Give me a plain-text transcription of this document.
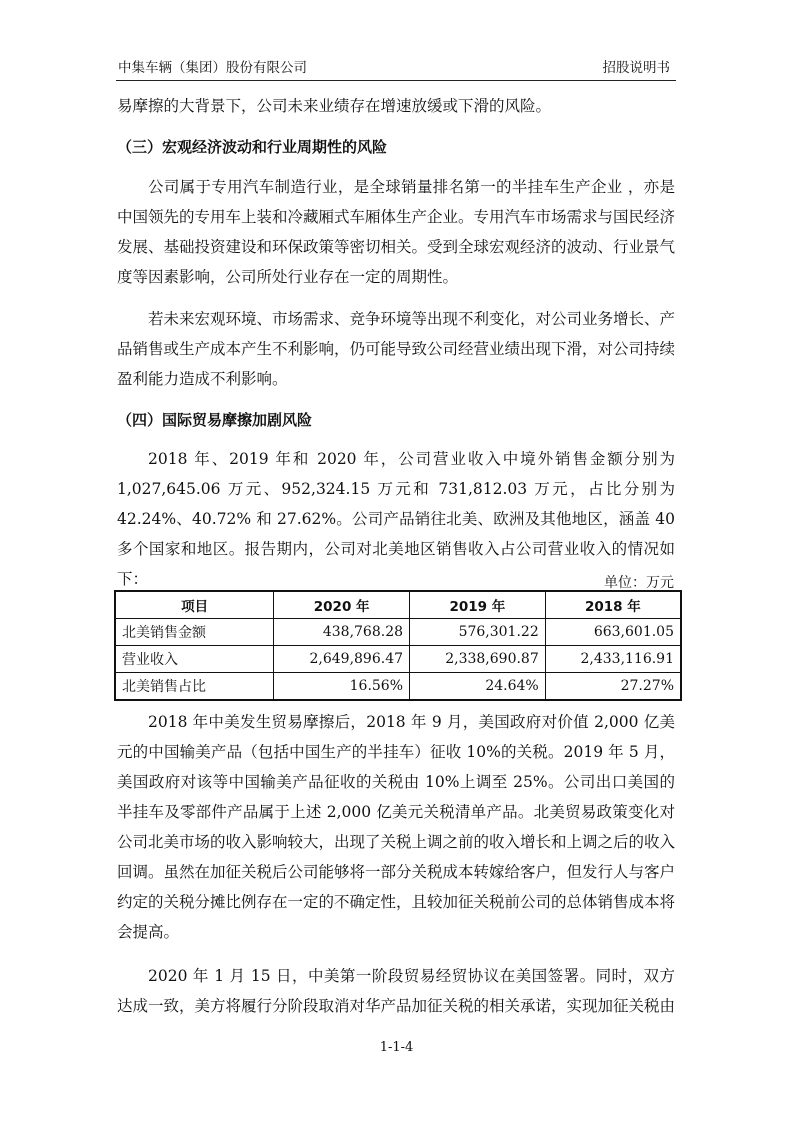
中集车辆（集团）股份有限公司	招股说明书

易摩擦的大背景下，公司未来业绩存在增速放缓或下滑的风险。

（三）宏观经济波动和行业周期性的风险

公司属于专用汽车制造行业，是全球销量排名第一的半挂车生产企业 ，亦是中国领先的专用车上装和冷藏厢式车厢体生产企业。专用汽车市场需求与国民经济发展、基础投资建设和环保政策等密切相关。受到全球宏观经济的波动、行业景气度等因素影响，公司所处行业存在一定的周期性。

若未来宏观环境、市场需求、竞争环境等出现不利变化，对公司业务增长、产品销售或生产成本产生不利影响，仍可能导致公司经营业绩出现下滑，对公司持续盈利能力造成不利影响。

（四）国际贸易摩擦加剧风险

2018 年、2019 年和 2020 年，公司营业收入中境外销售金额分别为 1,027,645.06 万元、952,324.15 万元和 731,812.03 万元，占比分别为 42.24%、40.72% 和 27.62%。公司产品销往北美、欧洲及其他地区，涵盖 40 多个国家和地区。报告期内，公司对北美地区销售收入占公司营业收入的情况如下：	单位：万元
项目	2020 年	2019 年	2018 年
北美销售金额	438,768.28	576,301.22	663,601.05
营业收入	2,649,896.47	2,338,690.87	2,433,116.91
北美销售占比	16.56%	24.64%	27.27%

2018 年中美发生贸易摩擦后，2018 年 9 月，美国政府对价值 2,000 亿美元的中国输美产品（包括中国生产的半挂车）征收 10%的关税。2019 年 5 月，美国政府对该等中国输美产品征收的关税由 10%上调至 25%。公司出口美国的半挂车及零部件产品属于上述 2,000 亿美元关税清单产品。北美贸易政策变化对公司北美市场的收入影响较大，出现了关税上调之前的收入增长和上调之后的收入回调。虽然在加征关税后公司能够将一部分关税成本转嫁给客户，但发行人与客户约定的关税分摊比例存在一定的不确定性，且较加征关税前公司的总体销售成本将会提高。

2020 年 1 月 15 日，中美第一阶段贸易经贸协议在美国签署。同时，双方达成一致，美方将履行分阶段取消对华产品加征关税的相关承诺，实现加征关税由

1-1-4
